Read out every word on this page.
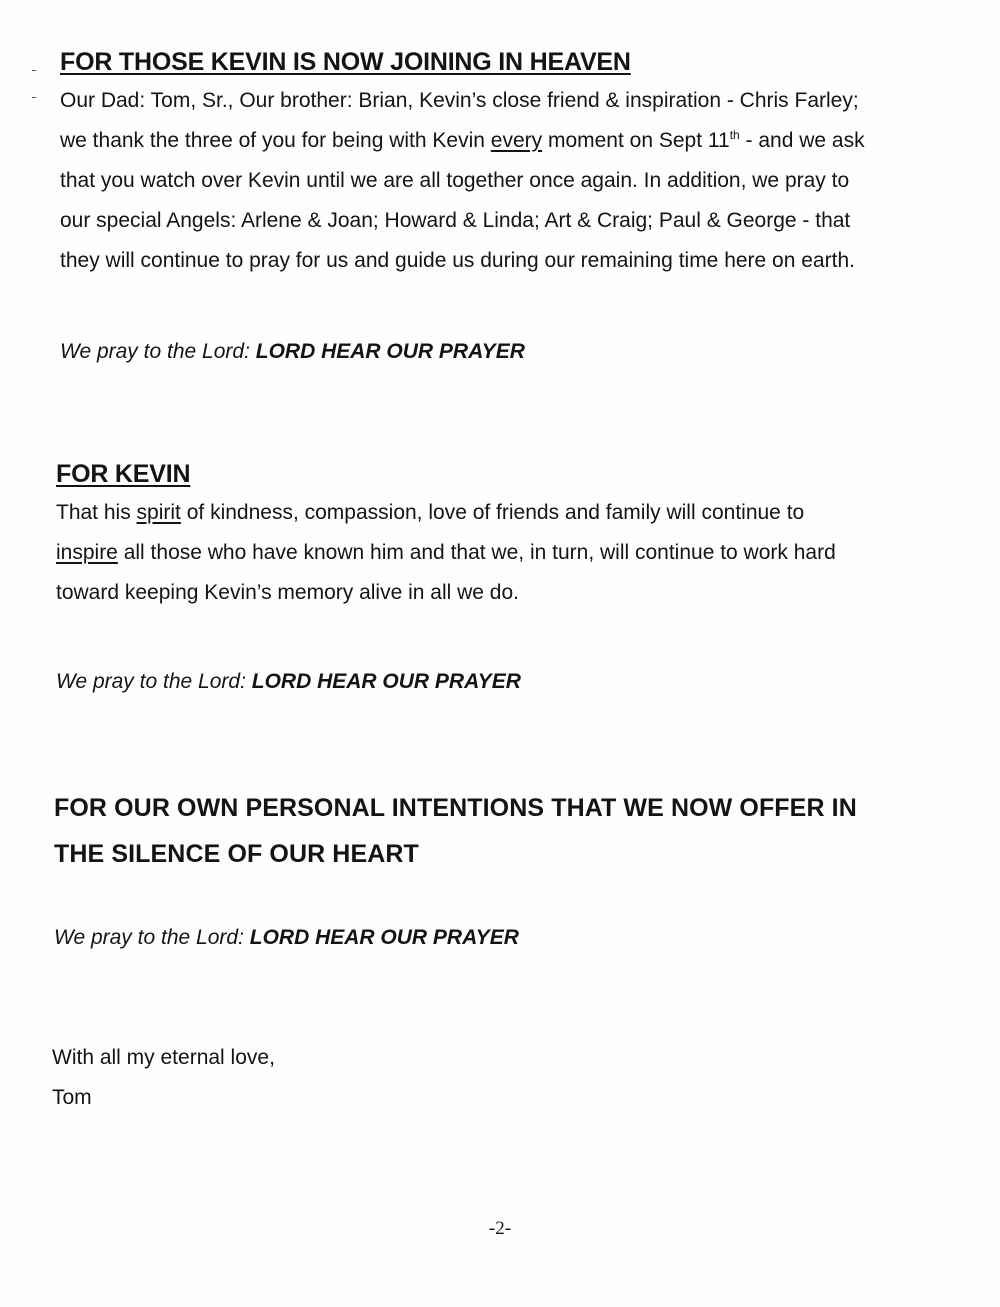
FOR THOSE KEVIN IS NOW JOINING IN HEAVEN
Our Dad: Tom, Sr., Our brother: Brian, Kevin’s close friend & inspiration - Chris Farley;
we thank the three of you for being with Kevin every moment on Sept 11th - and we ask
that you watch over Kevin until we are all together once again. In addition, we pray to
our special Angels: Arlene & Joan; Howard & Linda; Art & Craig; Paul & George - that
they will continue to pray for us and guide us during our remaining time here on earth.
We pray to the Lord: LORD HEAR OUR PRAYER
FOR KEVIN
That his spirit of kindness, compassion, love of friends and family will continue to
inspire all those who have known him and that we, in turn, will continue to work hard
toward keeping Kevin’s memory alive in all we do.
We pray to the Lord: LORD HEAR OUR PRAYER
FOR OUR OWN PERSONAL INTENTIONS THAT WE NOW OFFER IN
THE SILENCE OF OUR HEART
We pray to the Lord: LORD HEAR OUR PRAYER
With all my eternal love,
Tom
-2-
